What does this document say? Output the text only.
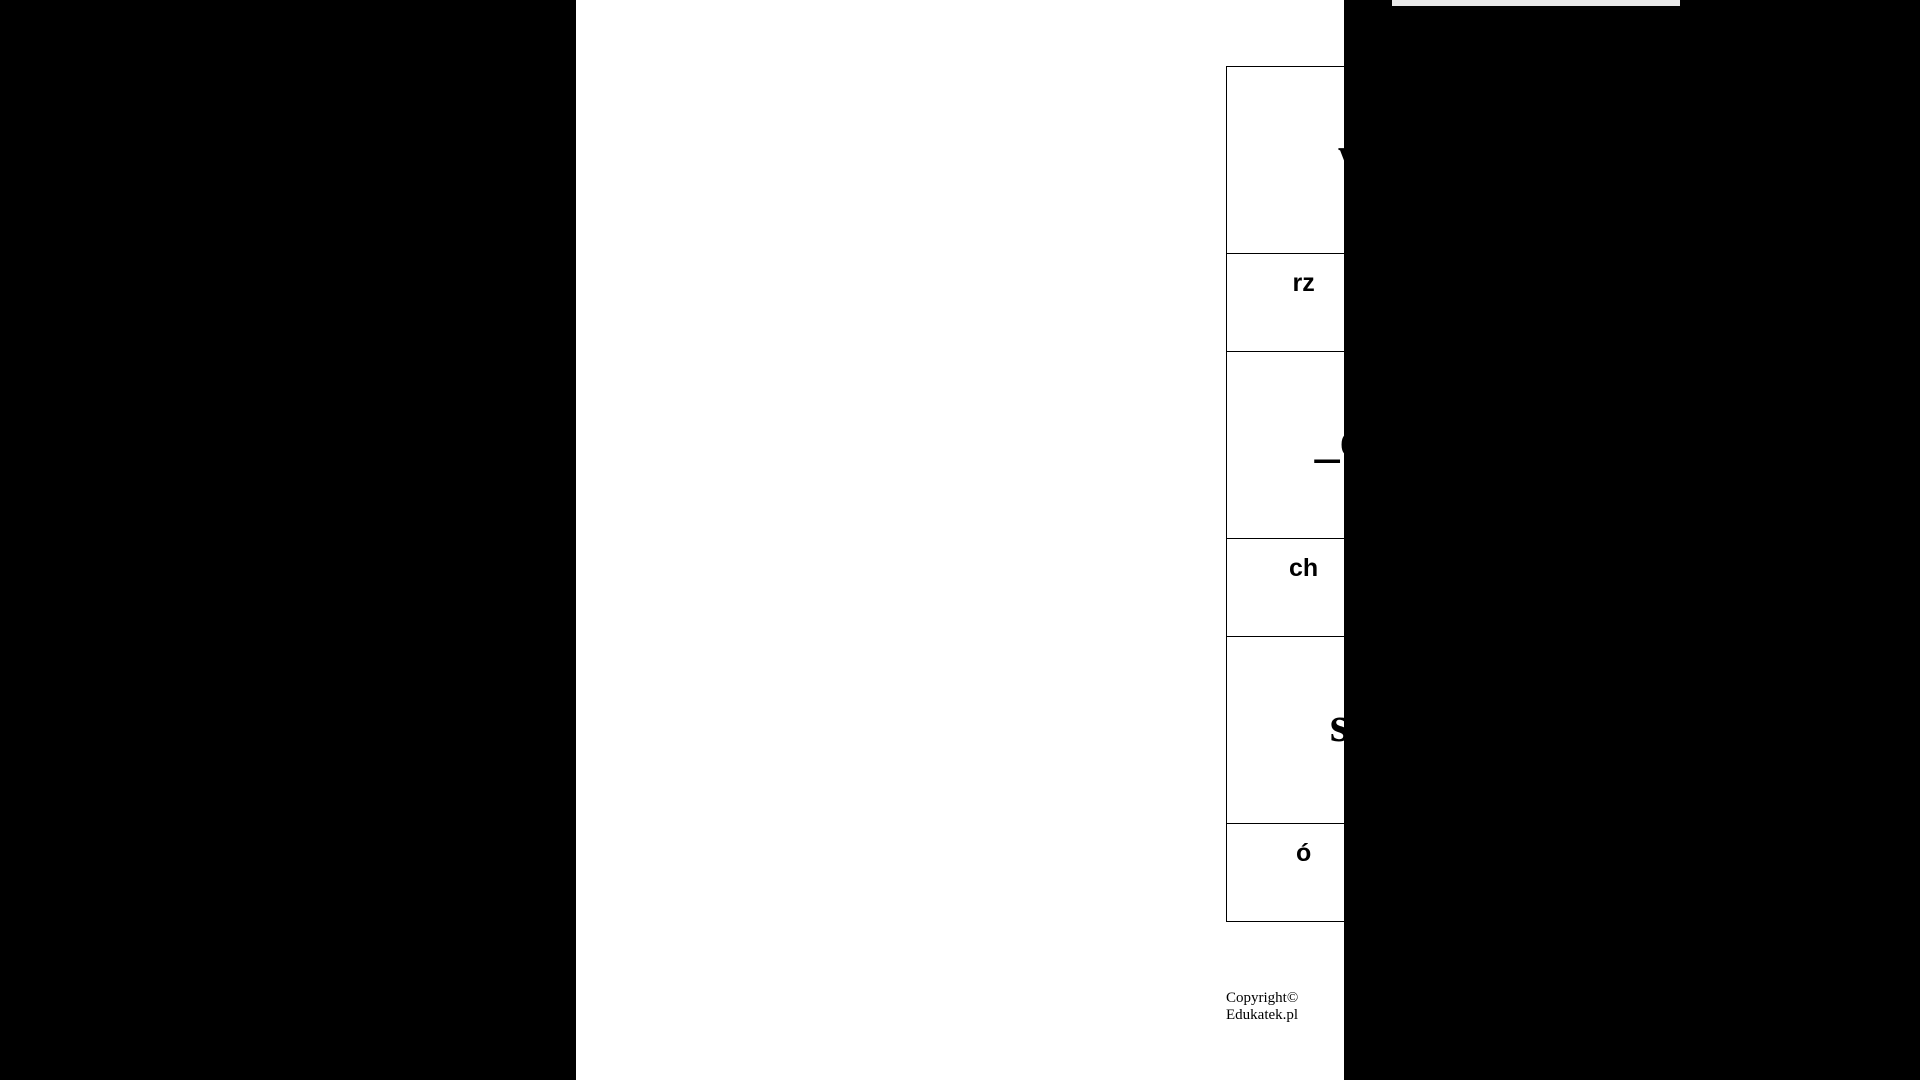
Edukatek.pl
wą_
rz	ż
Edukatek.pl
jask_łka
ó	u
Edukatek.pl
_omik
ch	h
Edukatek.pl
kang_r
ó	u
Edukatek.pl
str_ś
ó	u
Edukatek.pl
węgo_
rz	ż
Copyright© Edukatek.pl
